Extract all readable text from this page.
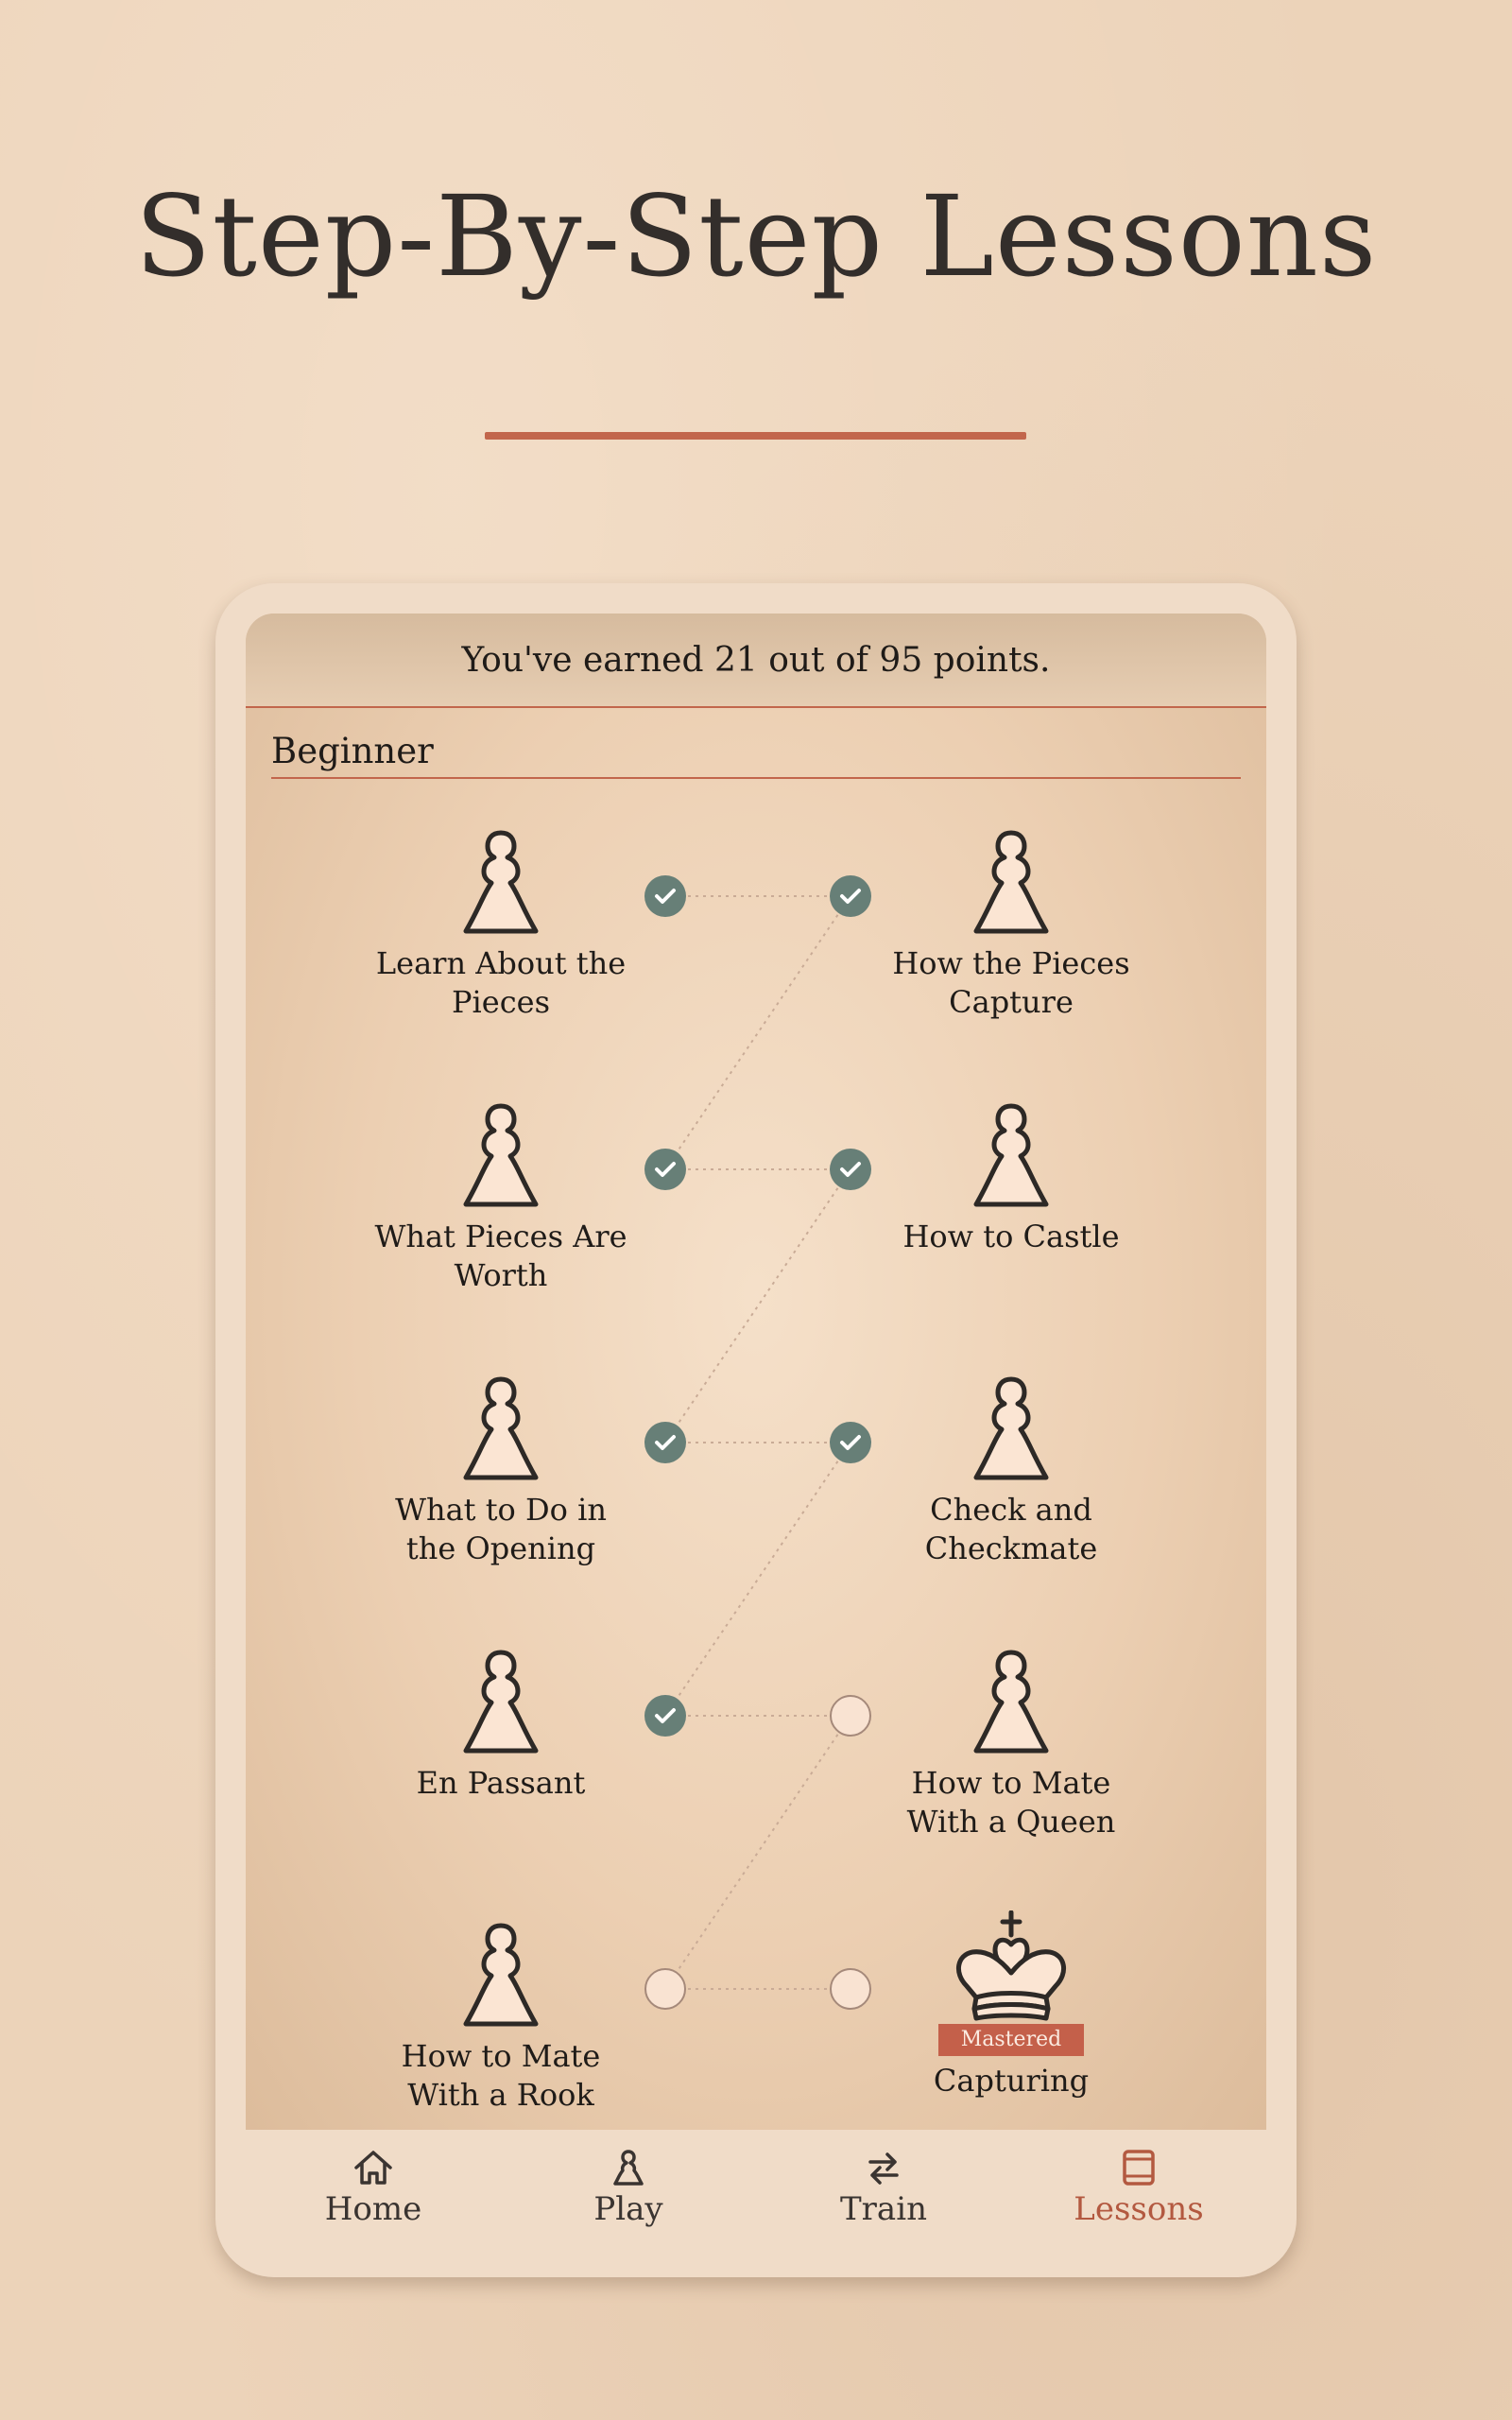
Step-By-Step Lessons
You've earned 21 out of 95 points.
Beginner
Learn About the
Pieces
How the Pieces
Capture
What Pieces Are
Worth
How to Castle
What to Do in
the Opening
Check and
Checkmate
En Passant	How to Mate
With a Queen
How to Mate
With a Rook
Mastered
Capturing
Home	Play	Train	Lessons
